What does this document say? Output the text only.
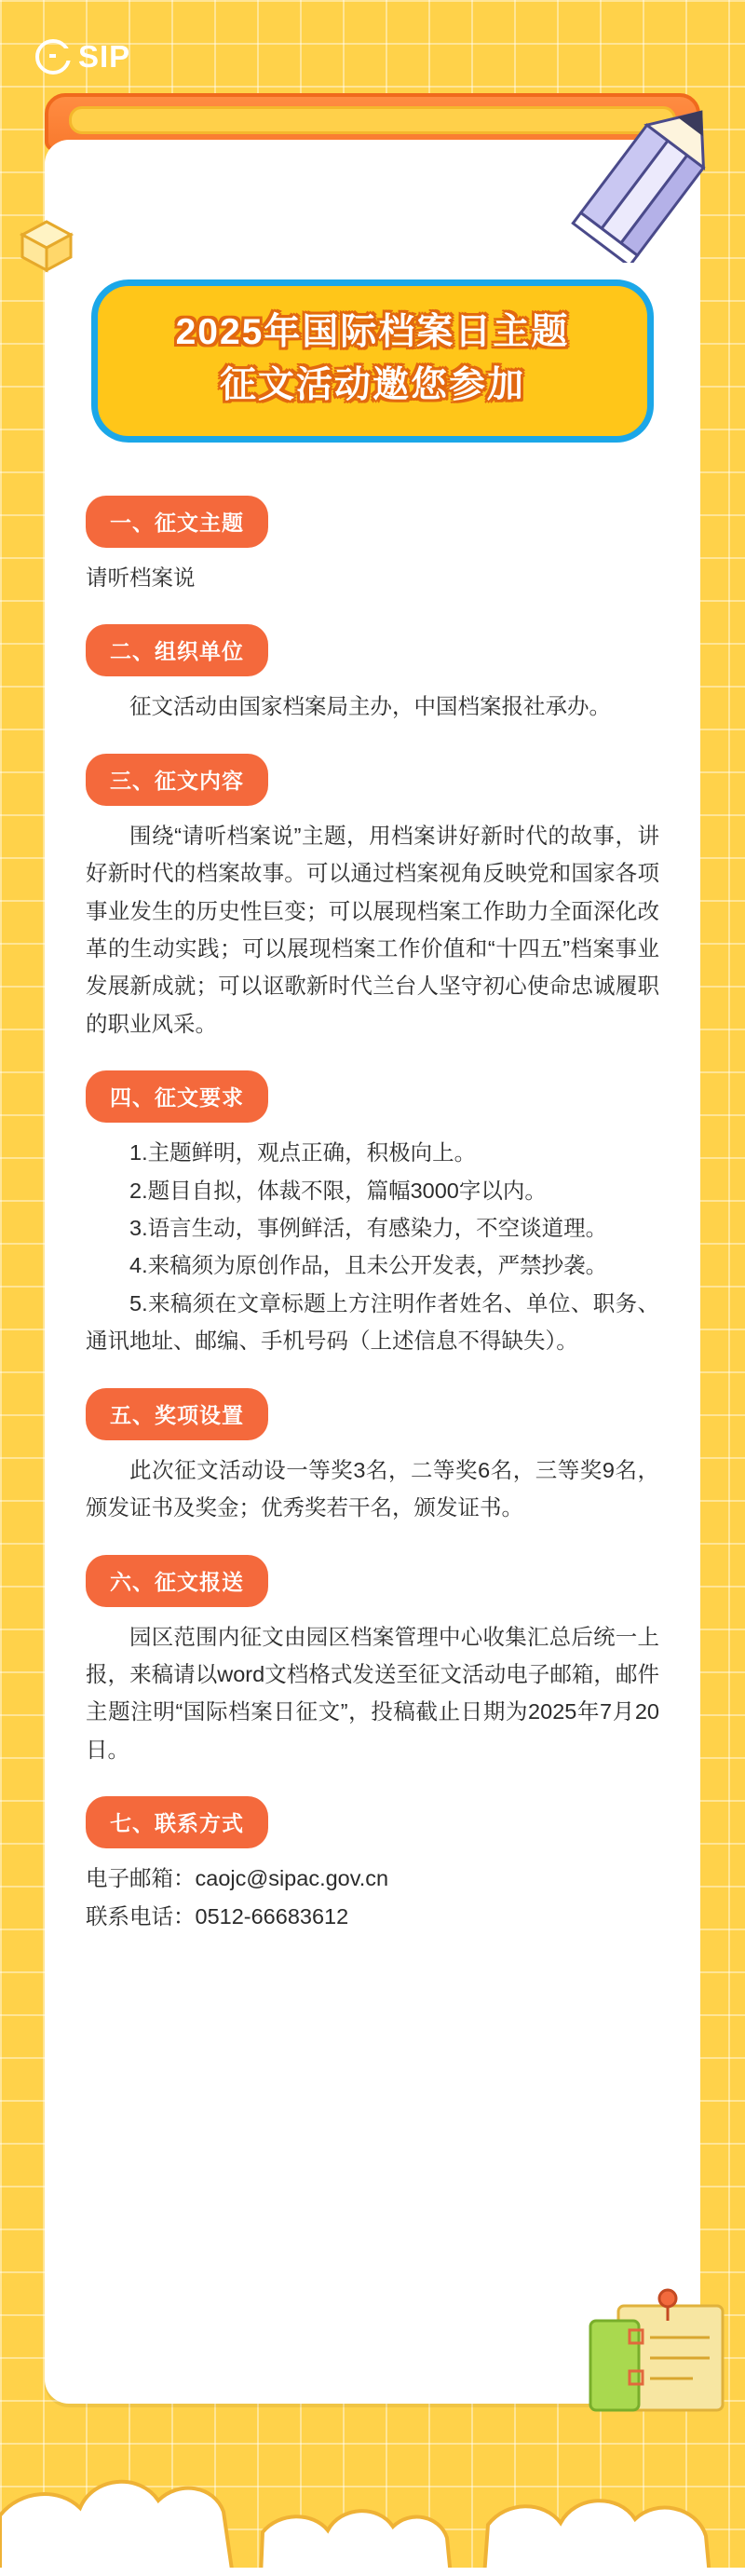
SIP
2025年国际档案日主题
征文活动邀您参加
一、征文主题

请听档案说

二、组织单位

征文活动由国家档案局主办，中国档案报社承办。

三、征文内容

围绕“请听档案说”主题，用档案讲好新时代的故事，讲好新时代的档案故事。可以通过档案视角反映党和国家各项事业发生的历史性巨变；可以展现档案工作助力全面深化改革的生动实践；可以展现档案工作价值和“十四五”档案事业发展新成就；可以讴歌新时代兰台人坚守初心使命忠诚履职的职业风采。

四、征文要求

1.主题鲜明，观点正确，积极向上。

2.题目自拟，体裁不限，篇幅3000字以内。

3.语言生动，事例鲜活，有感染力，不空谈道理。

4.来稿须为原创作品，且未公开发表，严禁抄袭。

5.来稿须在文章标题上方注明作者姓名、单位、职务、通讯地址、邮编、手机号码（上述信息不得缺失）。

五、奖项设置

此次征文活动设一等奖3名，二等奖6名，三等奖9名，颁发证书及奖金；优秀奖若干名，颁发证书。

六、征文报送

园区范围内征文由园区档案管理中心收集汇总后统一上报，来稿请以word文档格式发送至征文活动电子邮箱，邮件主题注明“国际档案日征文”，投稿截止日期为2025年7月20日。

七、联系方式

电子邮箱：caojc@sipac.gov.cn

联系电话：0512-66683612
